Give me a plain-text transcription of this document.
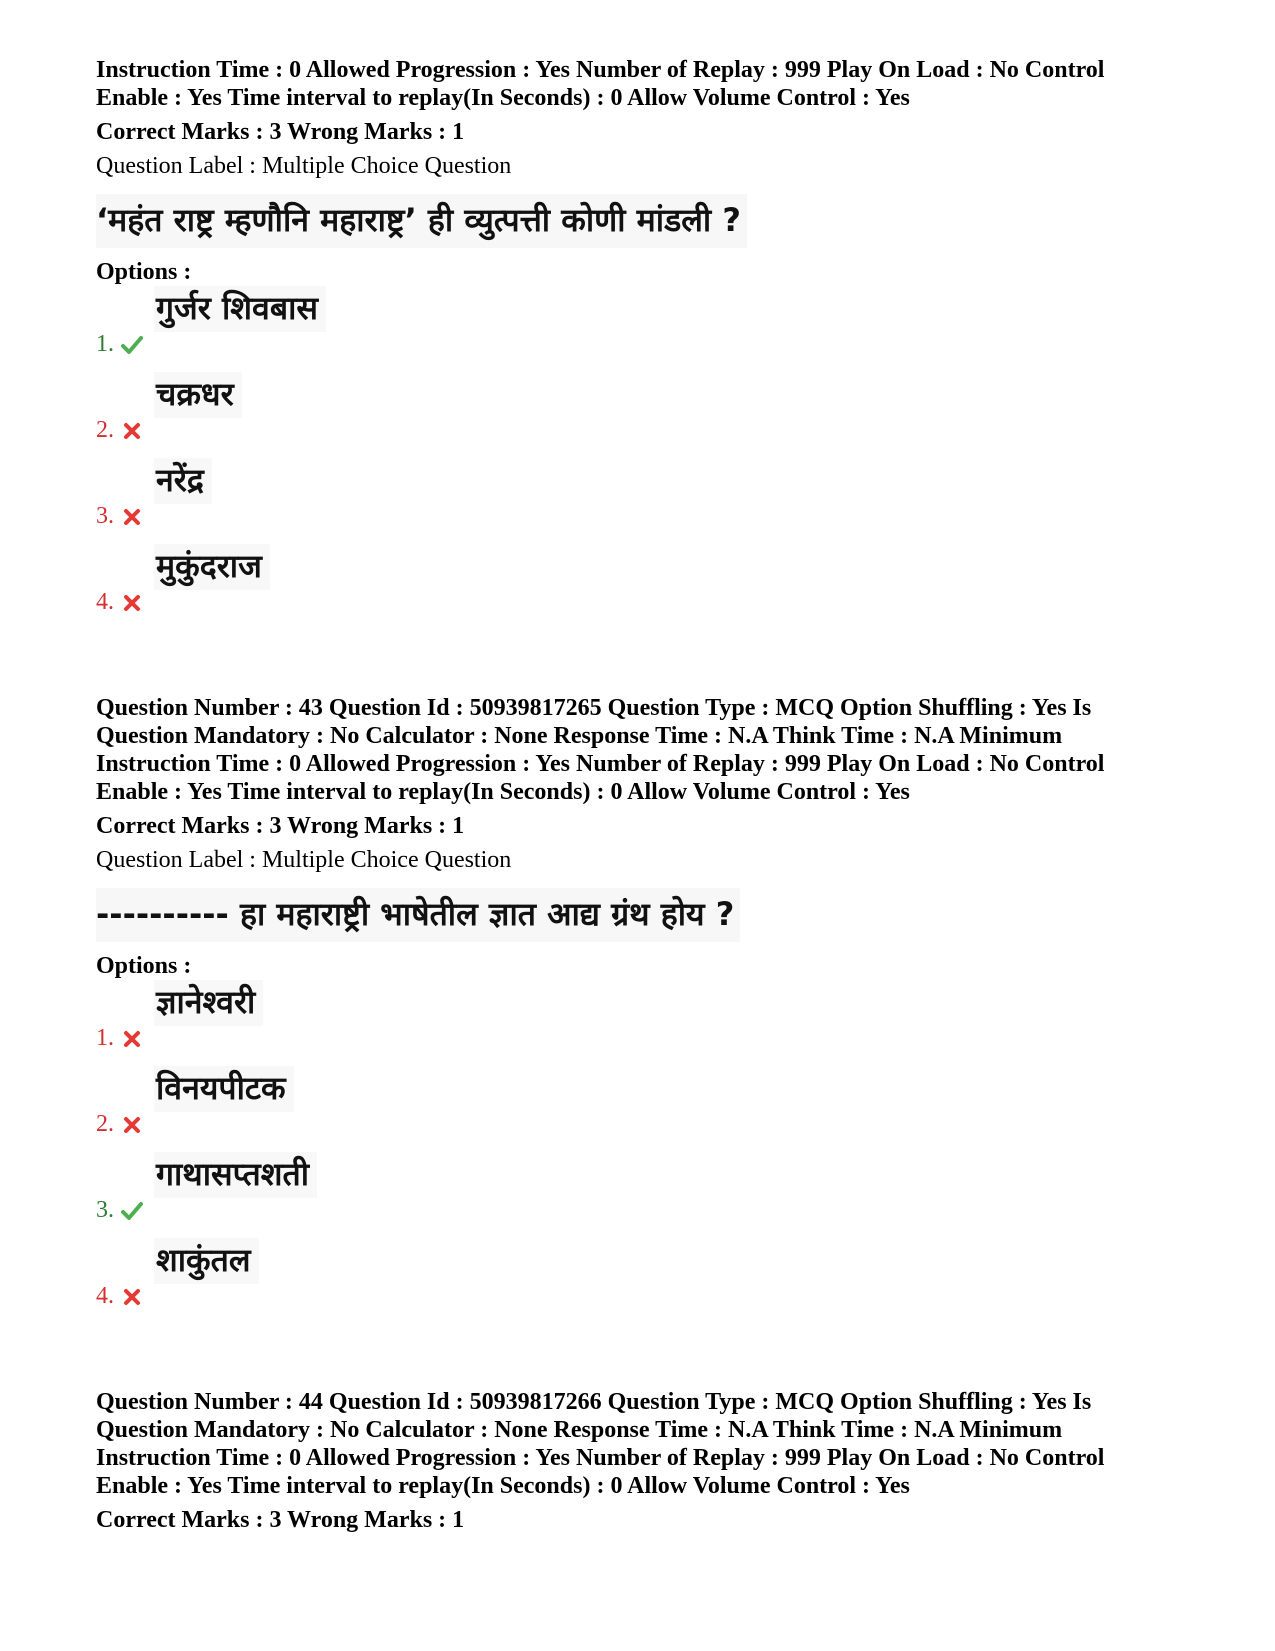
Instruction Time : 0 Allowed Progression : Yes Number of Replay : 999 Play On Load : No Control

Enable : Yes Time interval to replay(In Seconds) : 0 Allow Volume Control : Yes

Correct Marks : 3 Wrong Marks : 1
Question Label : Multiple Choice Question
‘महंत राष्ट्र म्हणौनि महाराष्ट्र’ ही व्युत्पत्ती कोणी मांडली ?
Options :
1.
गुर्जर शिवबास
2.
चक्रधर
3.
नरेंद्र
4.
मुकुंदराज

Question Number : 43 Question Id : 50939817265 Question Type : MCQ Option Shuffling : Yes Is

Question Mandatory : No Calculator : None Response Time : N.A Think Time : N.A Minimum

Instruction Time : 0 Allowed Progression : Yes Number of Replay : 999 Play On Load : No Control

Enable : Yes Time interval to replay(In Seconds) : 0 Allow Volume Control : Yes

Correct Marks : 3 Wrong Marks : 1
Question Label : Multiple Choice Question
---------- हा महाराष्ट्री भाषेतील ज्ञात आद्य ग्रंथ होय ?
Options :
1.
ज्ञानेश्वरी
2.
विनयपीटक
3.
गाथासप्तशती
4.
शाकुंतल

Question Number : 44 Question Id : 50939817266 Question Type : MCQ Option Shuffling : Yes Is

Question Mandatory : No Calculator : None Response Time : N.A Think Time : N.A Minimum

Instruction Time : 0 Allowed Progression : Yes Number of Replay : 999 Play On Load : No Control

Enable : Yes Time interval to replay(In Seconds) : 0 Allow Volume Control : Yes

Correct Marks : 3 Wrong Marks : 1
